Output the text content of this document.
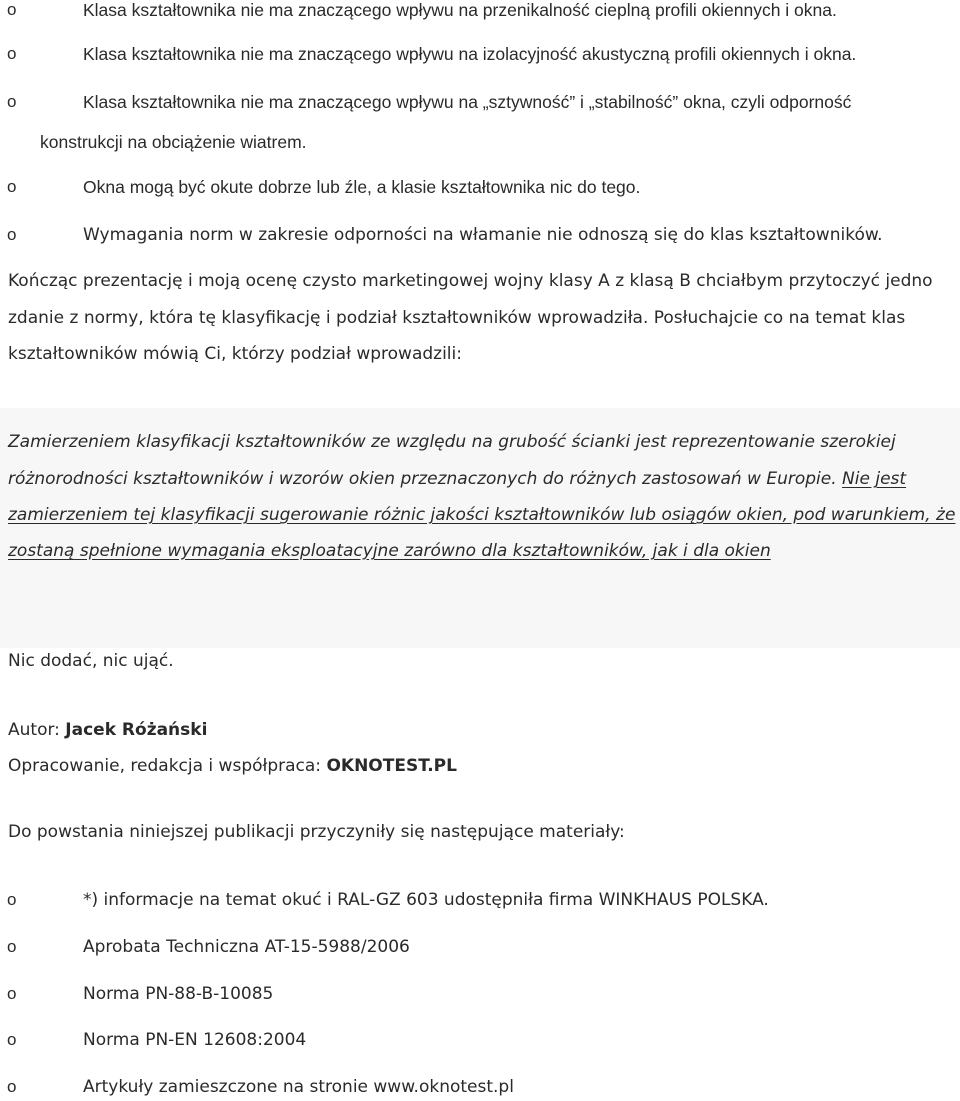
o	Klasa kształtownika nie ma znaczącego wpływu na przenikalność cieplną profili okiennych i okna.
o	Klasa kształtownika nie ma znaczącego wpływu na izolacyjność akustyczną profili okiennych i okna.
o	Klasa kształtownika nie ma znaczącego wpływu na „sztywność” i „stabilność” okna, czyli odporność
konstrukcji na obciążenie wiatrem.
o	Okna mogą być okute dobrze lub źle, a klasie kształtownika nic do tego.
o	Wymagania norm w zakresie odporności na włamanie nie odnoszą się do klas kształtowników.
Kończąc prezentację i moją ocenę czysto marketingowej wojny klasy A z klasą B chciałbym przytoczyć jedno
zdanie z normy, która tę klasyfikację i podział kształtowników wprowadziła. Posłuchajcie co na temat klas
kształtowników mówią Ci, którzy podział wprowadzili:
Zamierzeniem klasyfikacji kształtowników ze względu na grubość ścianki jest reprezentowanie szerokiej
różnorodności kształtowników i wzorów okien przeznaczonych do różnych zastosowań w Europie. Nie jest
zamierzeniem tej klasyfikacji sugerowanie różnic jakości kształtowników lub osiągów okien, pod warunkiem, że
zostaną spełnione wymagania eksploatacyjne zarówno dla kształtowników, jak i dla okien
Nic dodać, nic ująć.
Autor: Jacek Różański
Opracowanie, redakcja i współpraca: OKNOTEST.PL
Do powstania niniejszej publikacji przyczyniły się następujące materiały:
o	*) informacje na temat okuć i RAL-GZ 603 udostępniła firma WINKHAUS POLSKA.
o	Aprobata Techniczna AT-15-5988/2006
o	Norma PN-88-B-10085
o	Norma PN-EN 12608:2004
o	Artykuły zamieszczone na stronie www.oknotest.pl
